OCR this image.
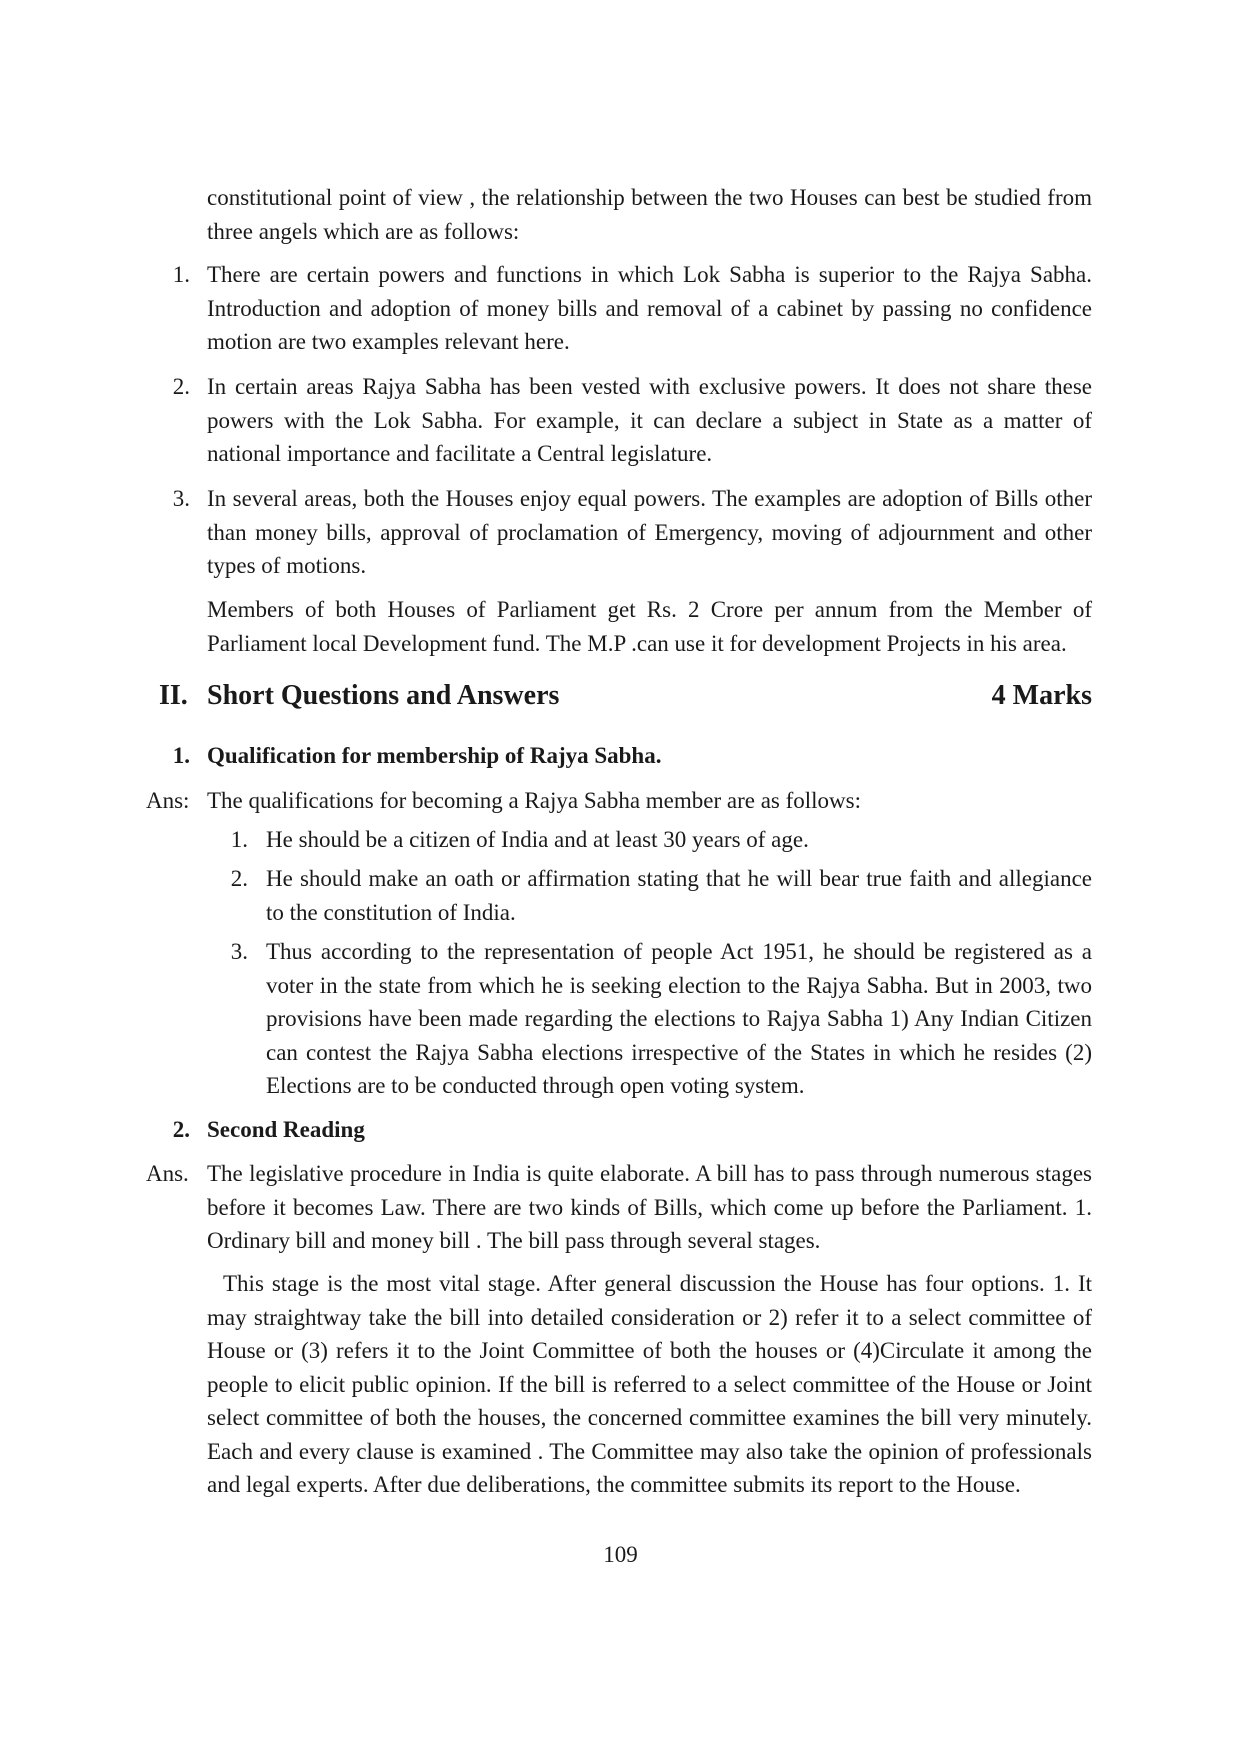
constitutional point of view , the relationship between the two Houses can best be studied from three angels which are as follows:

1. There are certain powers and functions in which Lok Sabha is superior to the Rajya Sabha. Introduction and adoption of money bills and removal of a cabinet by passing no confidence motion are two examples relevant here.
2. In certain areas Rajya Sabha has been vested with exclusive powers. It does not share these powers with the Lok Sabha. For example, it can declare a subject in State as a matter of national importance and facilitate a Central legislature.
3. In several areas, both the Houses enjoy equal powers. The examples are adoption of Bills other than money bills, approval of proclamation of Emergency, moving of adjournment and other types of motions.

Members of both Houses of Parliament get Rs. 2 Crore per annum from the Member of Parliament local Development fund. The M.P .can use it for development Projects in his area.

II. Short Questions and Answers	4 Marks
1. Qualification for membership of Rajya Sabha.
Ans: The qualifications for becoming a Rajya Sabha member are as follows:

1. He should be a citizen of India and at least 30 years of age.
2. He should make an oath or affirmation stating that he will bear true faith and allegiance to the constitution of India.
3. Thus according to the representation of people Act 1951, he should be registered as a voter in the state from which he is seeking election to the Rajya Sabha. But in 2003, two provisions have been made regarding the elections to Rajya Sabha 1) Any Indian Citizen can contest the Rajya Sabha elections irrespective of the States in which he resides (2) Elections are to be conducted through open voting system.
2. Second Reading
Ans. The legislative procedure in India is quite elaborate. A bill has to pass through numerous stages before it becomes Law. There are two kinds of Bills, which come up before the Parliament. 1. Ordinary bill and money bill . The bill pass through several stages.

This stage is the most vital stage. After general discussion the House has four options. 1. It may straightway take the bill into detailed consideration or 2) refer it to a select committee of House or (3) refers it to the Joint Committee of both the houses or (4)Circulate it among the people to elicit public opinion. If the bill is referred to a select committee of the House or Joint select committee of both the houses, the concerned committee examines the bill very minutely. Each and every clause is examined . The Committee may also take the opinion of professionals and legal experts. After due deliberations, the committee submits its report to the House.

109
